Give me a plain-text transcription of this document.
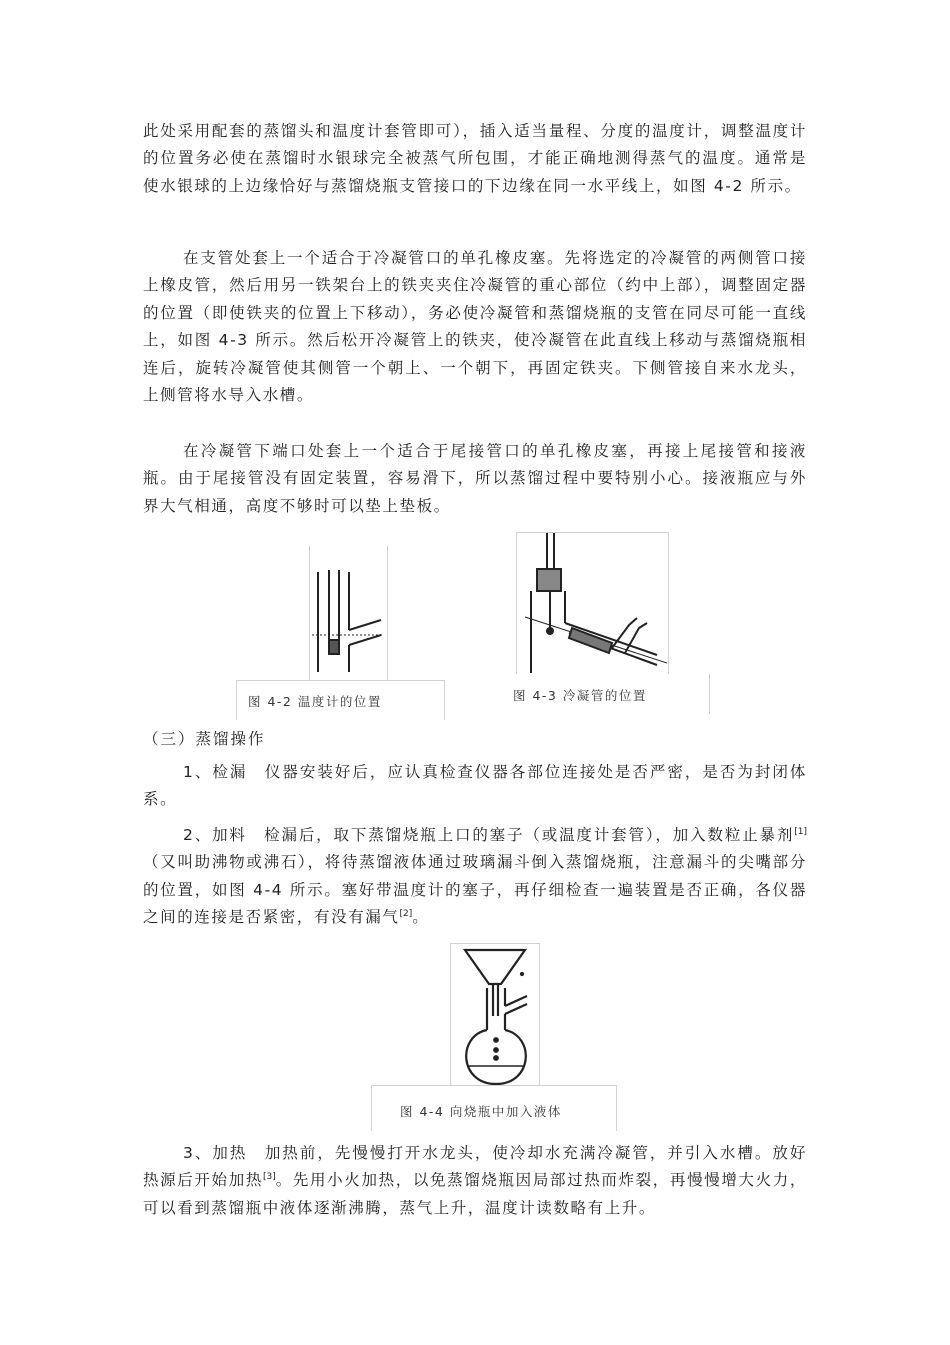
此处采用配套的蒸馏头和温度计套管即可），插入适当量程、分度的温度计，调整温度计的位置务必使在蒸馏时水银球完全被蒸气所包围，才能正确地测得蒸气的温度。通常是使水银球的上边缘恰好与蒸馏烧瓶支管接口的下边缘在同一水平线上，如图 4-2 所示。

在支管处套上一个适合于冷凝管口的单孔橡皮塞。先将选定的冷凝管的两侧管口接上橡皮管，然后用另一铁架台上的铁夹夹住冷凝管的重心部位（约中上部），调整固定器的位置（即使铁夹的位置上下移动），务必使冷凝管和蒸馏烧瓶的支管在同尽可能一直线上，如图 4-3 所示。然后松开冷凝管上的铁夹，使冷凝管在此直线上移动与蒸馏烧瓶相连后，旋转冷凝管使其侧管一个朝上、一个朝下，再固定铁夹。下侧管接自来水龙头，上侧管将水导入水槽。

在冷凝管下端口处套上一个适合于尾接管口的单孔橡皮塞，再接上尾接管和接液瓶。由于尾接管没有固定装置，容易滑下，所以蒸馏过程中要特别小心。接液瓶应与外界大气相通，高度不够时可以垫上垫板。

图 4-2 温度计的位置	图 4-3 冷凝管的位置
（三）蒸馏操作

1、检漏　仪器安装好后，应认真检查仪器各部位连接处是否严密，是否为封闭体系。

2、加料　检漏后，取下蒸馏烧瓶上口的塞子（或温度计套管），加入数粒止暴剂[1]（又叫助沸物或沸石），将待蒸馏液体通过玻璃漏斗倒入蒸馏烧瓶，注意漏斗的尖嘴部分的位置，如图 4-4 所示。塞好带温度计的塞子，再仔细检查一遍装置是否正确，各仪器之间的连接是否紧密，有没有漏气[2]。

图 4-4 向烧瓶中加入液体

3、加热　加热前，先慢慢打开水龙头，使冷却水充满冷凝管，并引入水槽。放好热源后开始加热[3]。先用小火加热，以免蒸馏烧瓶因局部过热而炸裂，再慢慢增大火力，可以看到蒸馏瓶中液体逐渐沸腾，蒸气上升，温度计读数略有上升。
